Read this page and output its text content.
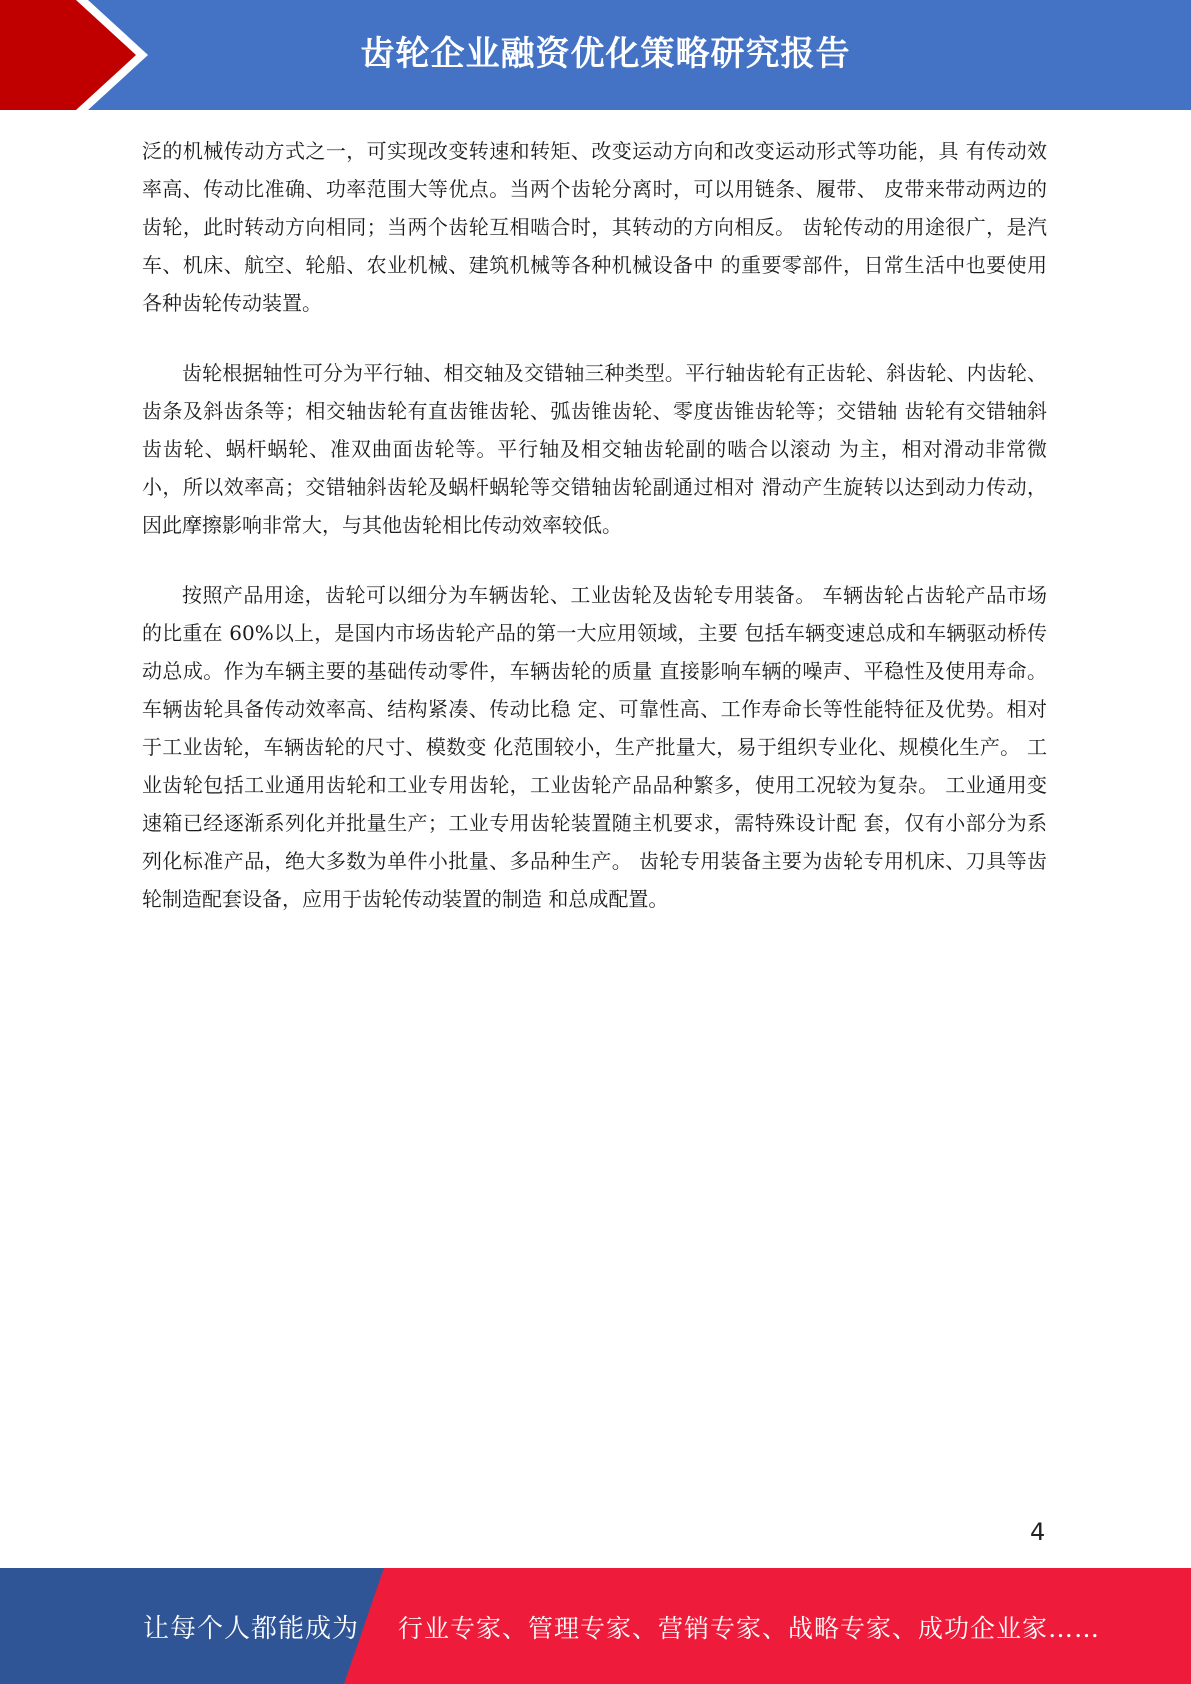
齿轮企业融资优化策略研究报告

泛的机械传动方式之一，可实现改变转速和转矩、改变运动方向和改变运动形式等功能，具 有传动效率高、传动比准确、功率范围大等优点。当两个齿轮分离时，可以用链条、履带、 皮带来带动两边的齿轮，此时转动方向相同；当两个齿轮互相啮合时，其转动的方向相反。 齿轮传动的用途很广，是汽车、机床、航空、轮船、农业机械、建筑机械等各种机械设备中 的重要零部件，日常生活中也要使用各种齿轮传动装置。

齿轮根据轴性可分为平行轴、相交轴及交错轴三种类型。平行轴齿轮有正齿轮、斜齿轮、内齿轮、齿条及斜齿条等；相交轴齿轮有直齿锥齿轮、弧齿锥齿轮、零度齿锥齿轮等；交错轴 齿轮有交错轴斜齿齿轮、蜗杆蜗轮、准双曲面齿轮等。平行轴及相交轴齿轮副的啮合以滚动 为主，相对滑动非常微小，所以效率高；交错轴斜齿轮及蜗杆蜗轮等交错轴齿轮副通过相对 滑动产生旋转以达到动力传动，因此摩擦影响非常大，与其他齿轮相比传动效率较低。

按照产品用途，齿轮可以细分为车辆齿轮、工业齿轮及齿轮专用装备。 车辆齿轮占齿轮产品市场的比重在 60%以上，是国内市场齿轮产品的第一大应用领域，主要 包括车辆变速总成和车辆驱动桥传动总成。作为车辆主要的基础传动零件，车辆齿轮的质量 直接影响车辆的噪声、平稳性及使用寿命。车辆齿轮具备传动效率高、结构紧凑、传动比稳 定、可靠性高、工作寿命长等性能特征及优势。相对于工业齿轮，车辆齿轮的尺寸、模数变 化范围较小，生产批量大，易于组织专业化、规模化生产。 工业齿轮包括工业通用齿轮和工业专用齿轮，工业齿轮产品品种繁多，使用工况较为复杂。 工业通用变速箱已经逐渐系列化并批量生产；工业专用齿轮装置随主机要求，需特殊设计配 套，仅有小部分为系列化标准产品，绝大多数为单件小批量、多品种生产。 齿轮专用装备主要为齿轮专用机床、刀具等齿轮制造配套设备，应用于齿轮传动装置的制造 和总成配置。

4
让每个人都能成为 行业专家、管理专家、营销专家、战略专家、成功企业家……
